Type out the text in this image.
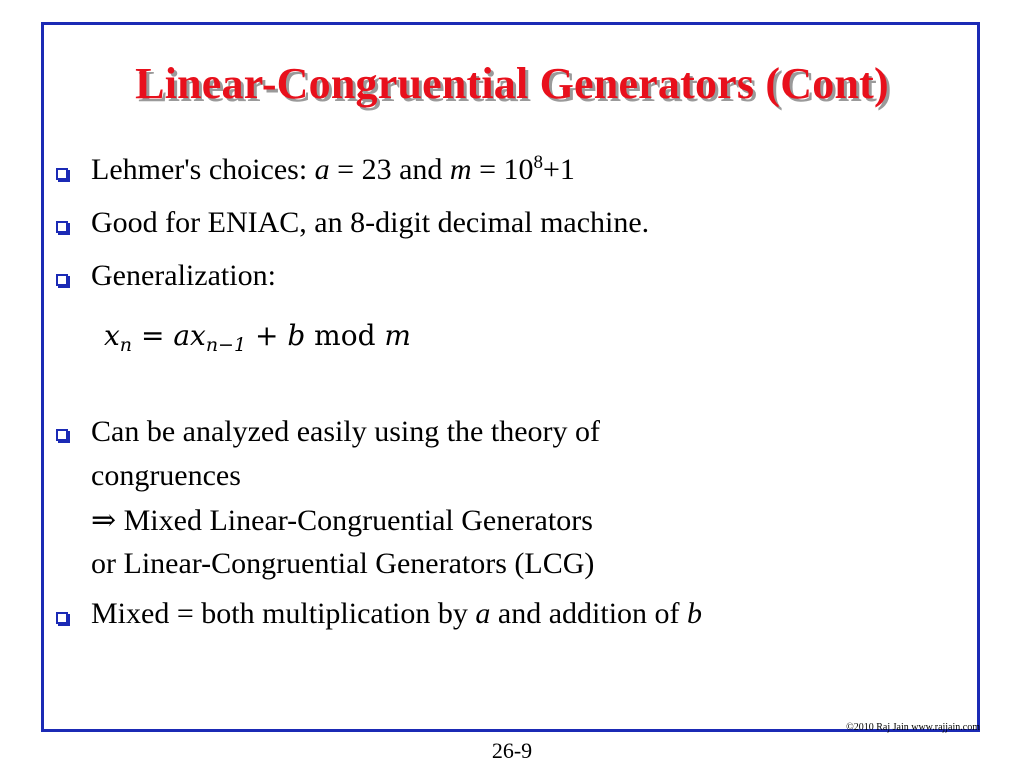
Linear-Congruential Generators (Cont)
Lehmer's choices: a = 23 and $m = 10^8+1$
Good for ENIAC, an 8-digit decimal machine.
Generalization:
$x_n = ax_{n-1} + b$ mod m
Can be analyzed easily using the theory of
congruences
⇒ Mixed Linear-Congruential Generators
or Linear-Congruential Generators (LCG)
Mixed = both multiplication by a and addition of b
©2010 Raj Jain www.rajjain.com
26-9
